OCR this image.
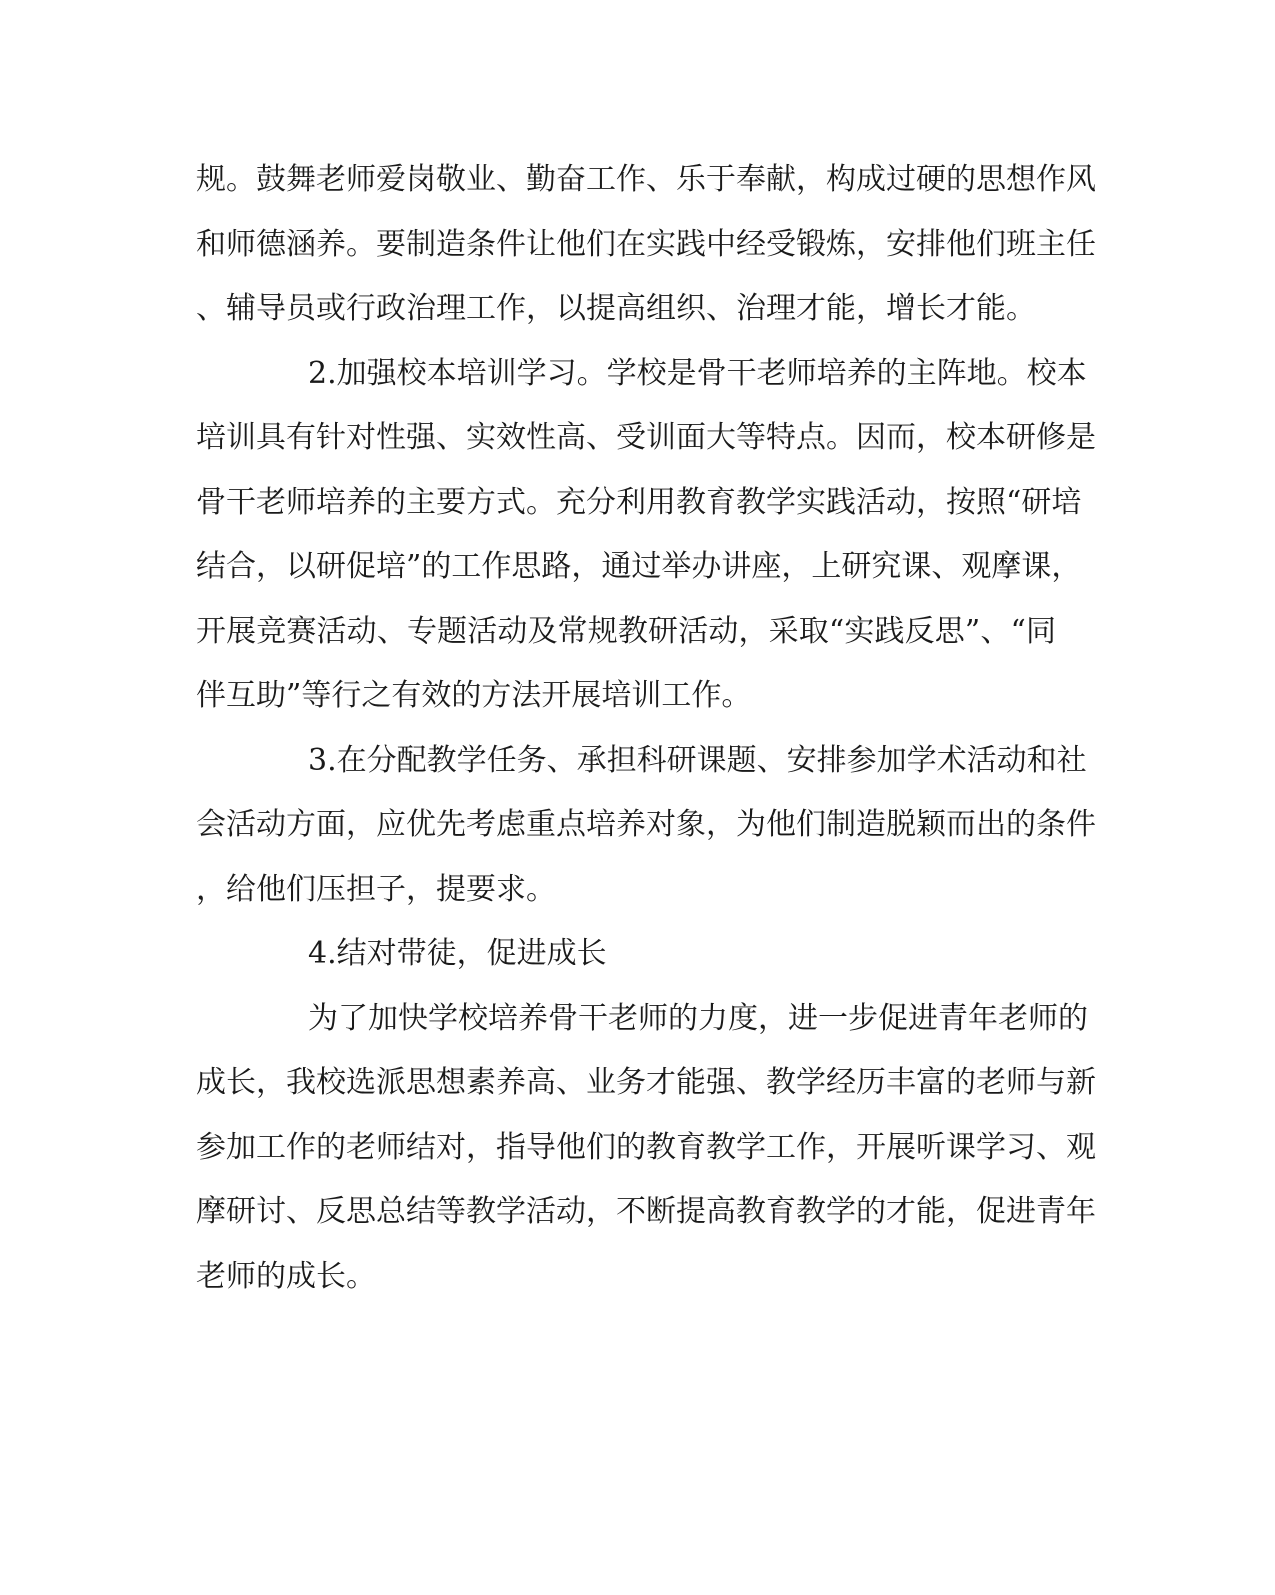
规。鼓舞老师爱岗敬业、勤奋工作、乐于奉献，构成过硬的思想作风
和师德涵养。要制造条件让他们在实践中经受锻炼，安排他们班主任
、辅导员或行政治理工作，以提高组织、治理才能，增长才能。
2.加强校本培训学习。学校是骨干老师培养的主阵地。校本
培训具有针对性强、实效性高、受训面大等特点。因而，校本研修是
骨干老师培养的主要方式。充分利用教育教学实践活动，按照“研培
结合，以研促培”的工作思路，通过举办讲座，上研究课、观摩课，
开展竞赛活动、专题活动及常规教研活动，采取“实践反思”、“同
伴互助”等行之有效的方法开展培训工作。
3.在分配教学任务、承担科研课题、安排参加学术活动和社
会活动方面，应优先考虑重点培养对象，为他们制造脱颖而出的条件
，给他们压担子，提要求。
4.结对带徒，促进成长
为了加快学校培养骨干老师的力度，进一步促进青年老师的
成长，我校选派思想素养高、业务才能强、教学经历丰富的老师与新
参加工作的老师结对，指导他们的教育教学工作，开展听课学习、观
摩研讨、反思总结等教学活动，不断提高教育教学的才能，促进青年
老师的成长。
